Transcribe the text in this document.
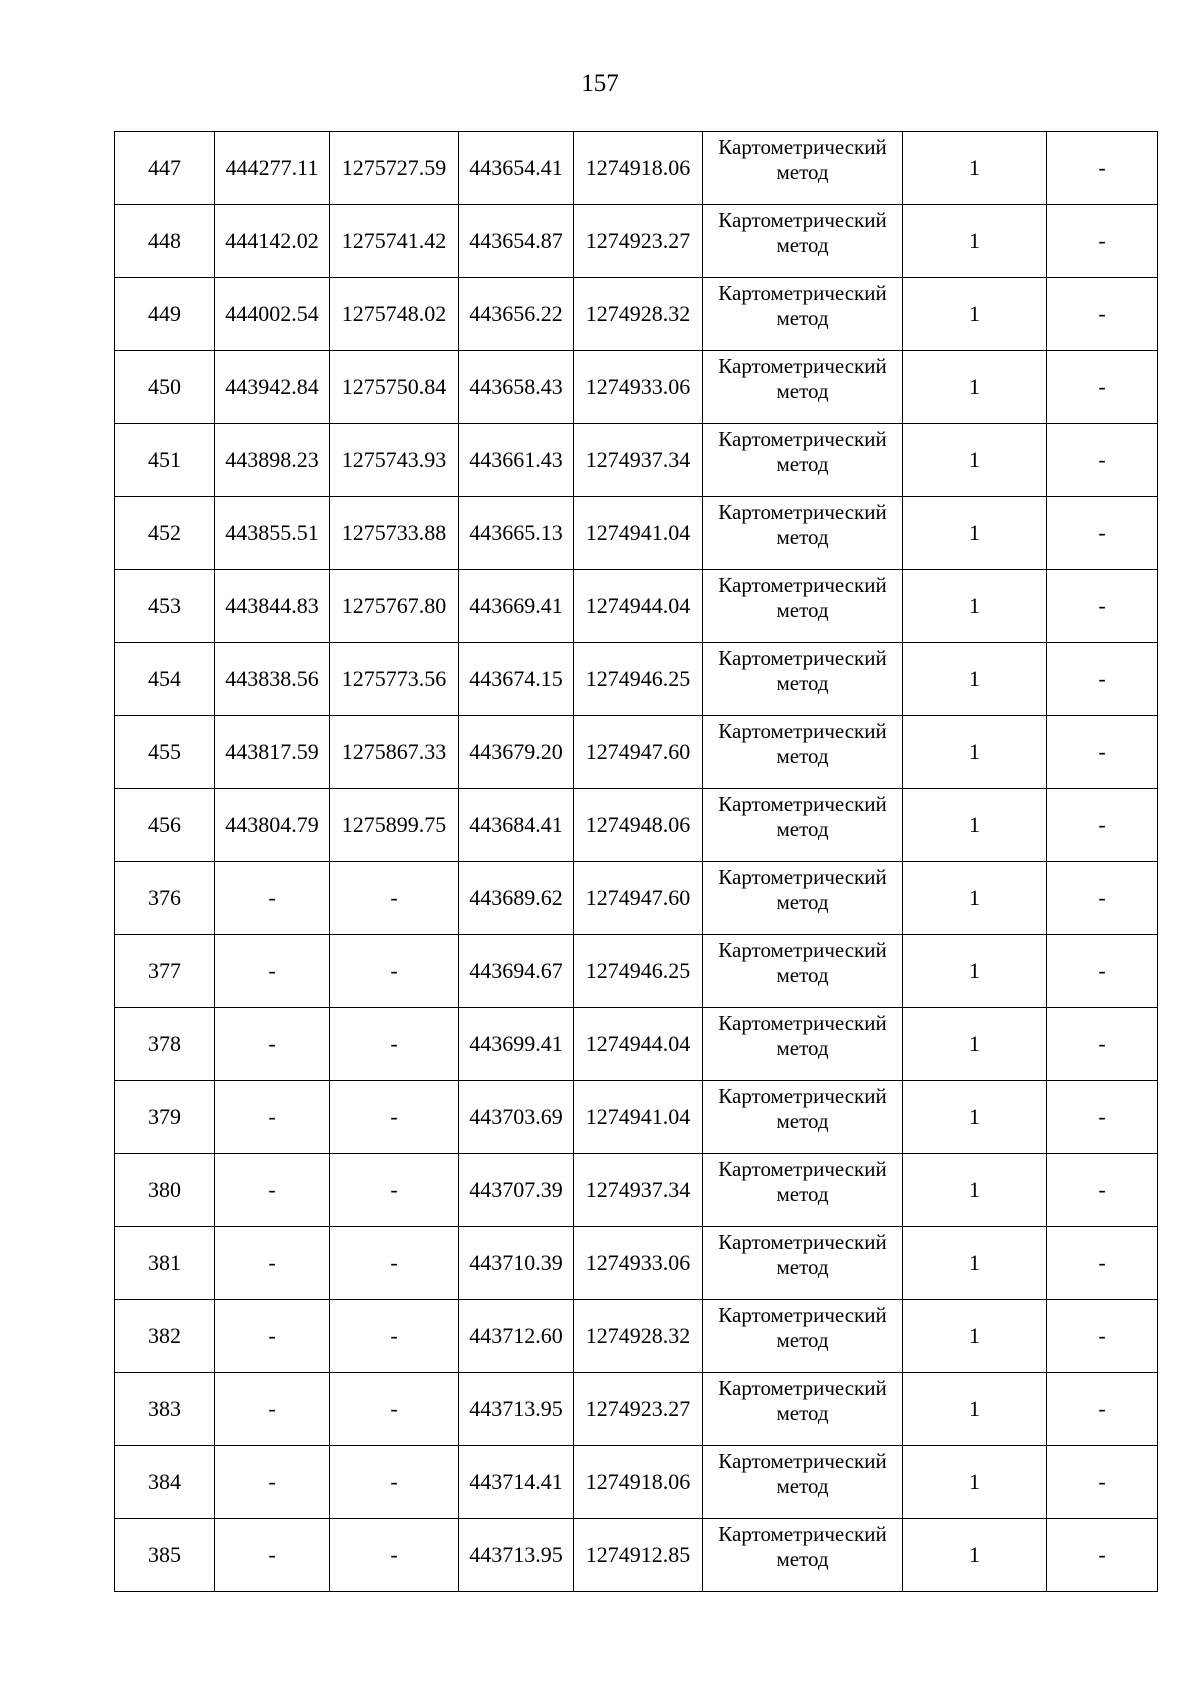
157
447	444277.11	1275727.59	443654.41	1274918.06	Картометрический метод	1	-
448	444142.02	1275741.42	443654.87	1274923.27	Картометрический метод	1	-
449	444002.54	1275748.02	443656.22	1274928.32	Картометрический метод	1	-
450	443942.84	1275750.84	443658.43	1274933.06	Картометрический метод	1	-
451	443898.23	1275743.93	443661.43	1274937.34	Картометрический метод	1	-
452	443855.51	1275733.88	443665.13	1274941.04	Картометрический метод	1	-
453	443844.83	1275767.80	443669.41	1274944.04	Картометрический метод	1	-
454	443838.56	1275773.56	443674.15	1274946.25	Картометрический метод	1	-
455	443817.59	1275867.33	443679.20	1274947.60	Картометрический метод	1	-
456	443804.79	1275899.75	443684.41	1274948.06	Картометрический метод	1	-
376	-	-	443689.62	1274947.60	Картометрический метод	1	-
377	-	-	443694.67	1274946.25	Картометрический метод	1	-
378	-	-	443699.41	1274944.04	Картометрический метод	1	-
379	-	-	443703.69	1274941.04	Картометрический метод	1	-
380	-	-	443707.39	1274937.34	Картометрический метод	1	-
381	-	-	443710.39	1274933.06	Картометрический метод	1	-
382	-	-	443712.60	1274928.32	Картометрический метод	1	-
383	-	-	443713.95	1274923.27	Картометрический метод	1	-
384	-	-	443714.41	1274918.06	Картометрический метод	1	-
385	-	-	443713.95	1274912.85	Картометрический метод	1	-
